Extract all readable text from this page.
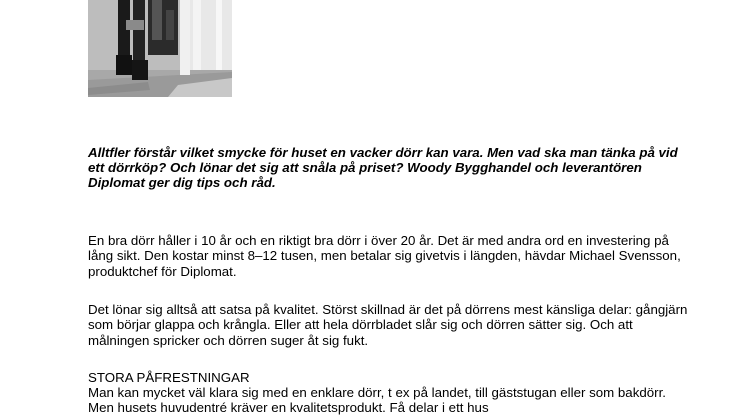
Alltfler förstår vilket smycke för huset en vacker dörr kan vara. Men vad ska man tänka på vid ett dörrköp? Och lönar det sig att snåla på priset? Woody Bygghandel och leverantören Diplomat ger dig tips och råd.

En bra dörr håller i 10 år och en riktigt bra dörr i över 20 år. Det är med andra ord en investering på lång sikt. Den kostar minst 8–12 tusen, men betalar sig givetvis i längden, hävdar Michael Svensson, produktchef för Diplomat.

Det lönar sig alltså att satsa på kvalitet. Störst skillnad är det på dörrens mest känsliga delar: gångjärn som börjar glappa och krångla. Eller att hela dörrbladet slår sig och dörren sätter sig. Och att målningen spricker och dörren suger åt sig fukt.

STORA PÅFRESTNINGAR

Man kan mycket väl klara sig med en enklare dörr, t ex på landet, till gäststugan eller som bakdörr. Men husets huvudentré kräver en kvalitetsprodukt. Få delar i ett hus
